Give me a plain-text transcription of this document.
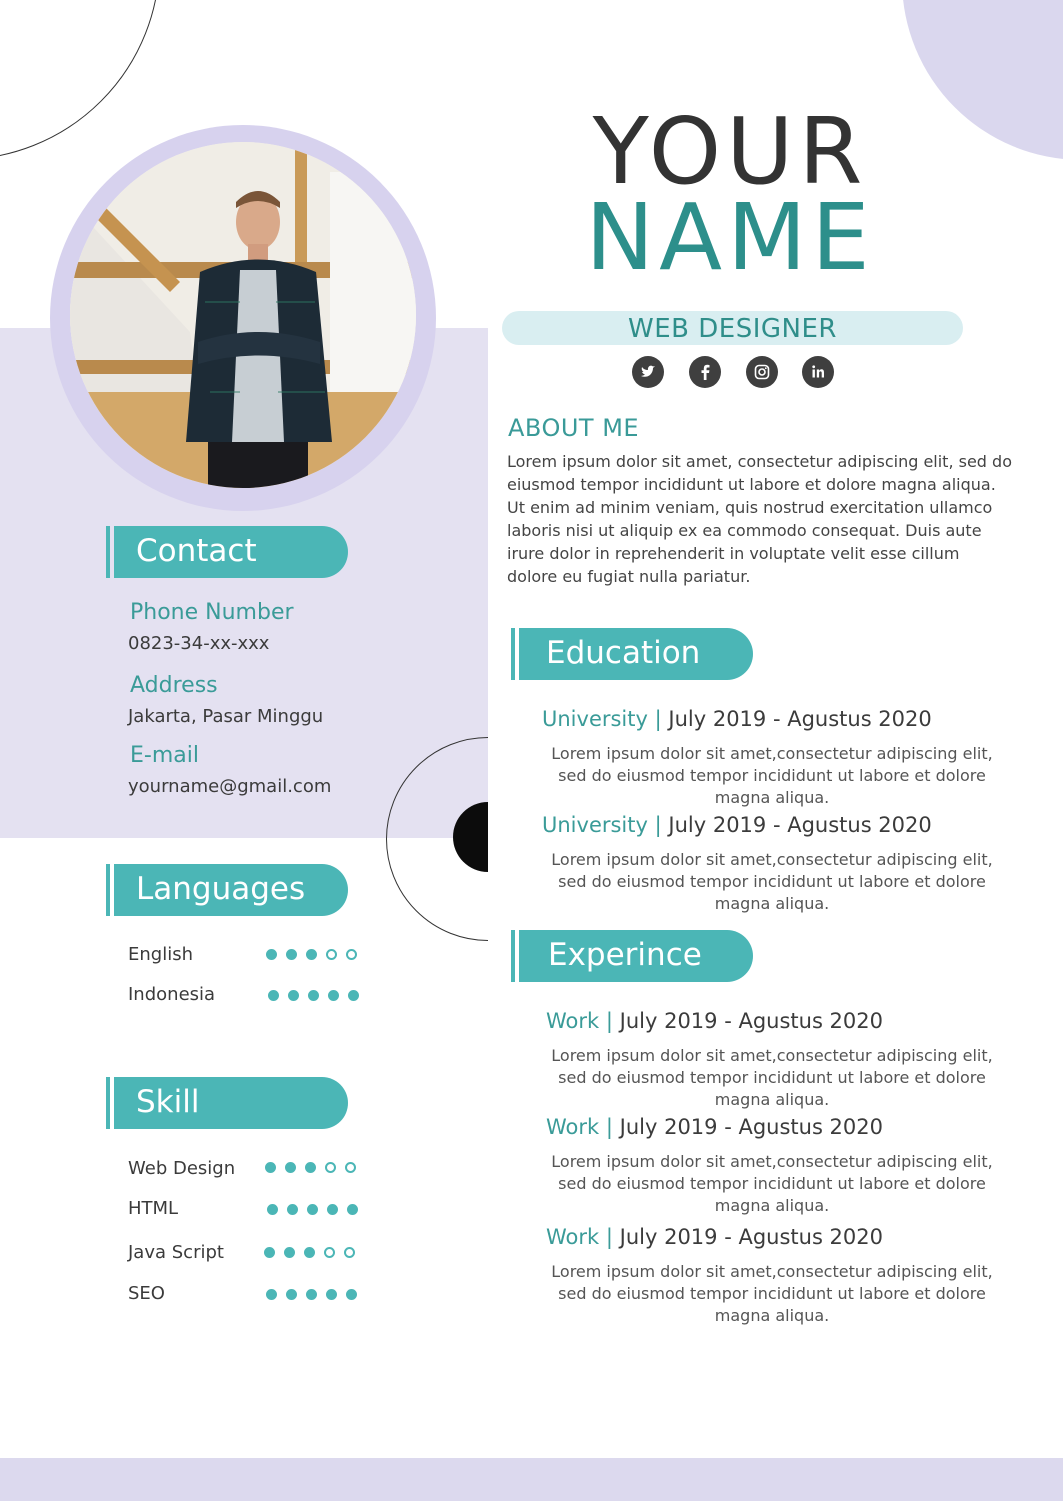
YOUR
NAME
WEB DESIGNER
ABOUT ME
Lorem ipsum dolor sit amet, consectetur adipiscing elit, sed do eiusmod tempor incididunt ut labore et dolore magna aliqua. Ut enim ad minim veniam, quis nostrud exercitation ullamco laboris nisi ut aliquip ex ea commodo consequat. Duis aute irure dolor in reprehenderit in voluptate velit esse cillum dolore eu fugiat nulla pariatur.
Contact
Phone Number
0823-34-xx-xxx
Address
Jakarta, Pasar Minggu
E-mail
yourname@gmail.com
Languages
English
Indonesia
Skill
Web Design
HTML
Java Script
SEO
Education
University | July 2019 - Agustus 2020
Lorem ipsum dolor sit amet,consectetur adipiscing elit, sed do eiusmod tempor incididunt ut labore et dolore magna aliqua.
University | July 2019 - Agustus 2020
Lorem ipsum dolor sit amet,consectetur adipiscing elit, sed do eiusmod tempor incididunt ut labore et dolore magna aliqua.
Experince
Work | July 2019 - Agustus 2020
Lorem ipsum dolor sit amet,consectetur adipiscing elit, sed do eiusmod tempor incididunt ut labore et dolore magna aliqua.
Work | July 2019 - Agustus 2020
Lorem ipsum dolor sit amet,consectetur adipiscing elit, sed do eiusmod tempor incididunt ut labore et dolore magna aliqua.
Work | July 2019 - Agustus 2020
Lorem ipsum dolor sit amet,consectetur adipiscing elit, sed do eiusmod tempor incididunt ut labore et dolore magna aliqua.
